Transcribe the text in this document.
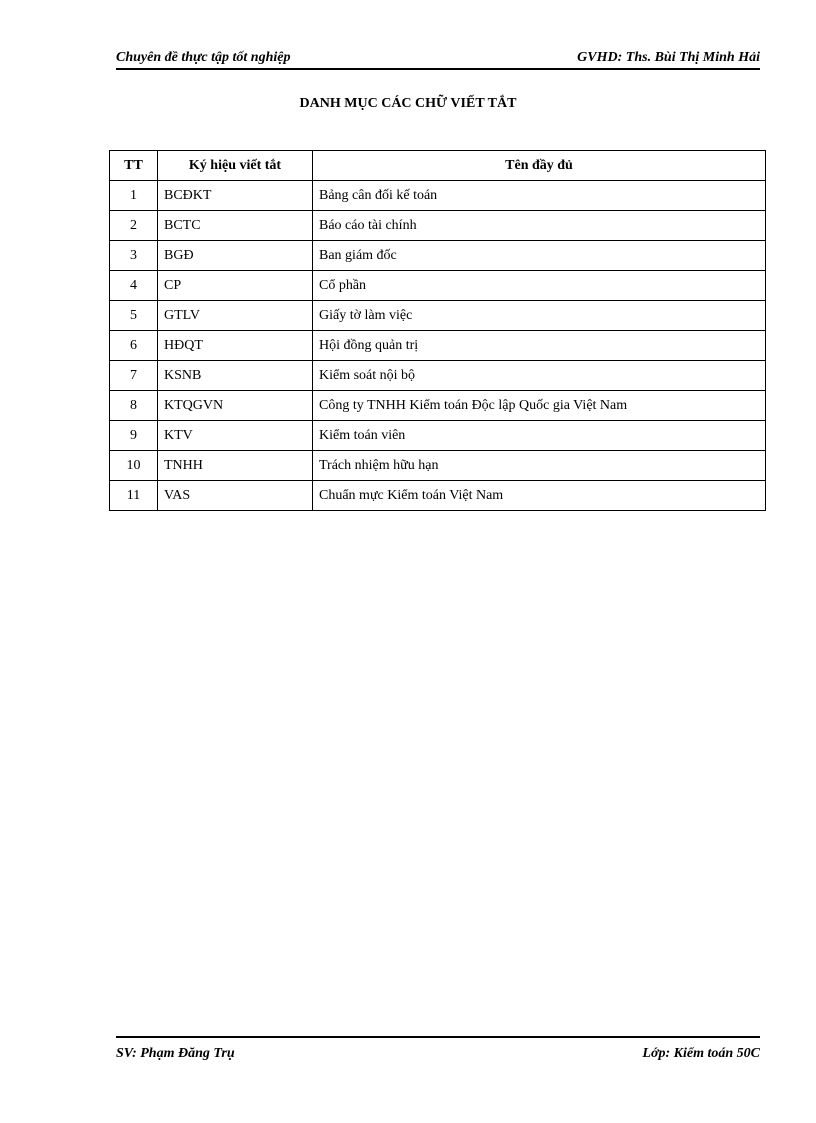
Chuyên đề thực tập tốt nghiệp	GVHD: Ths. Bùi Thị Minh Hải
DANH MỤC CÁC CHỮ VIẾT TẮT
TT	Ký hiệu viết tắt	Tên đầy đủ
1	BCĐKT	Bảng cân đối kế toán
2	BCTC	Báo cáo tài chính
3	BGĐ	Ban giám đốc
4	CP	Cổ phần
5	GTLV	Giấy tờ làm việc
6	HĐQT	Hội đồng quản trị
7	KSNB	Kiểm soát nội bộ
8	KTQGVN	Công ty TNHH Kiểm toán Độc lập Quốc gia Việt Nam
9	KTV	Kiểm toán viên
10	TNHH	Trách nhiệm hữu hạn
11	VAS	Chuẩn mực Kiểm toán Việt Nam
SV: Phạm Đăng Trụ	Lớp: Kiểm toán 50C
